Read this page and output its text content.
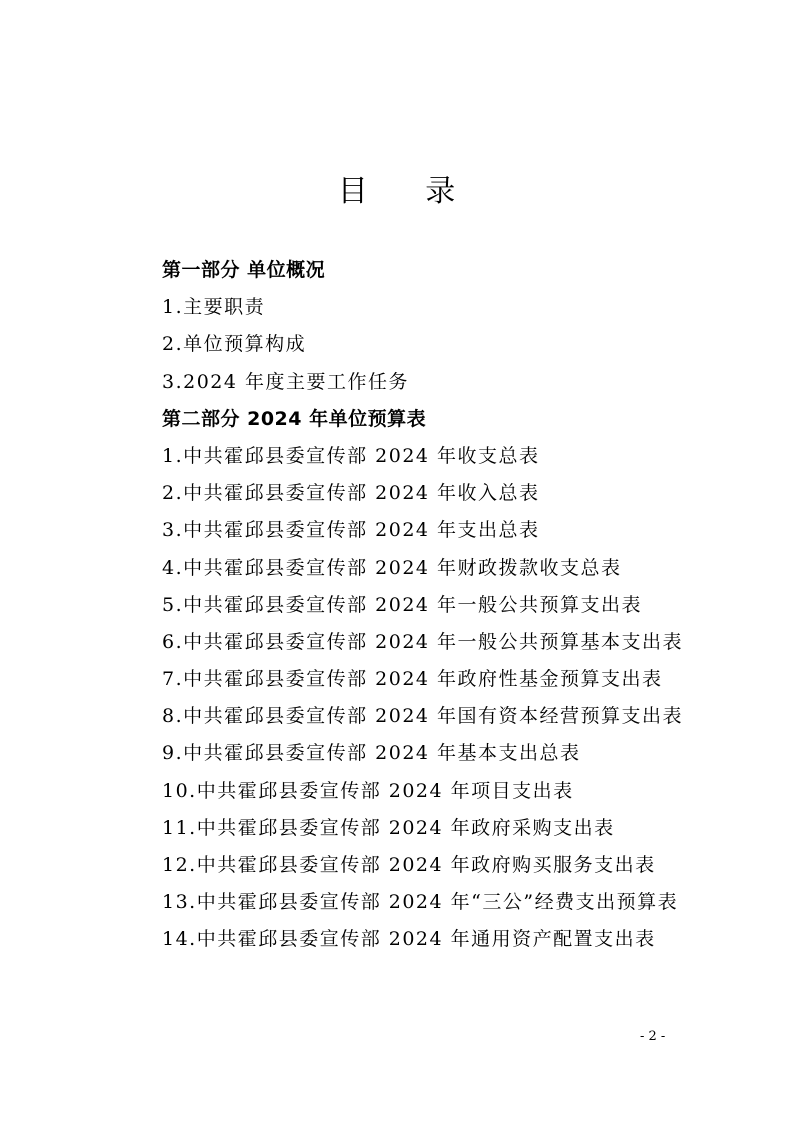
目 录
第一部分 单位概况
1.主要职责
2.单位预算构成
3.2024 年度主要工作任务
第二部分 2024 年单位预算表
1.中共霍邱县委宣传部 2024 年收支总表
2.中共霍邱县委宣传部 2024 年收入总表
3.中共霍邱县委宣传部 2024 年支出总表
4.中共霍邱县委宣传部 2024 年财政拨款收支总表
5.中共霍邱县委宣传部 2024 年一般公共预算支出表
6.中共霍邱县委宣传部 2024 年一般公共预算基本支出表
7.中共霍邱县委宣传部 2024 年政府性基金预算支出表
8.中共霍邱县委宣传部 2024 年国有资本经营预算支出表
9.中共霍邱县委宣传部 2024 年基本支出总表
10.中共霍邱县委宣传部 2024 年项目支出表
11.中共霍邱县委宣传部 2024 年政府采购支出表
12.中共霍邱县委宣传部 2024 年政府购买服务支出表
13.中共霍邱县委宣传部 2024 年“三公”经费支出预算表
14.中共霍邱县委宣传部 2024 年通用资产配置支出表
- 2 -
